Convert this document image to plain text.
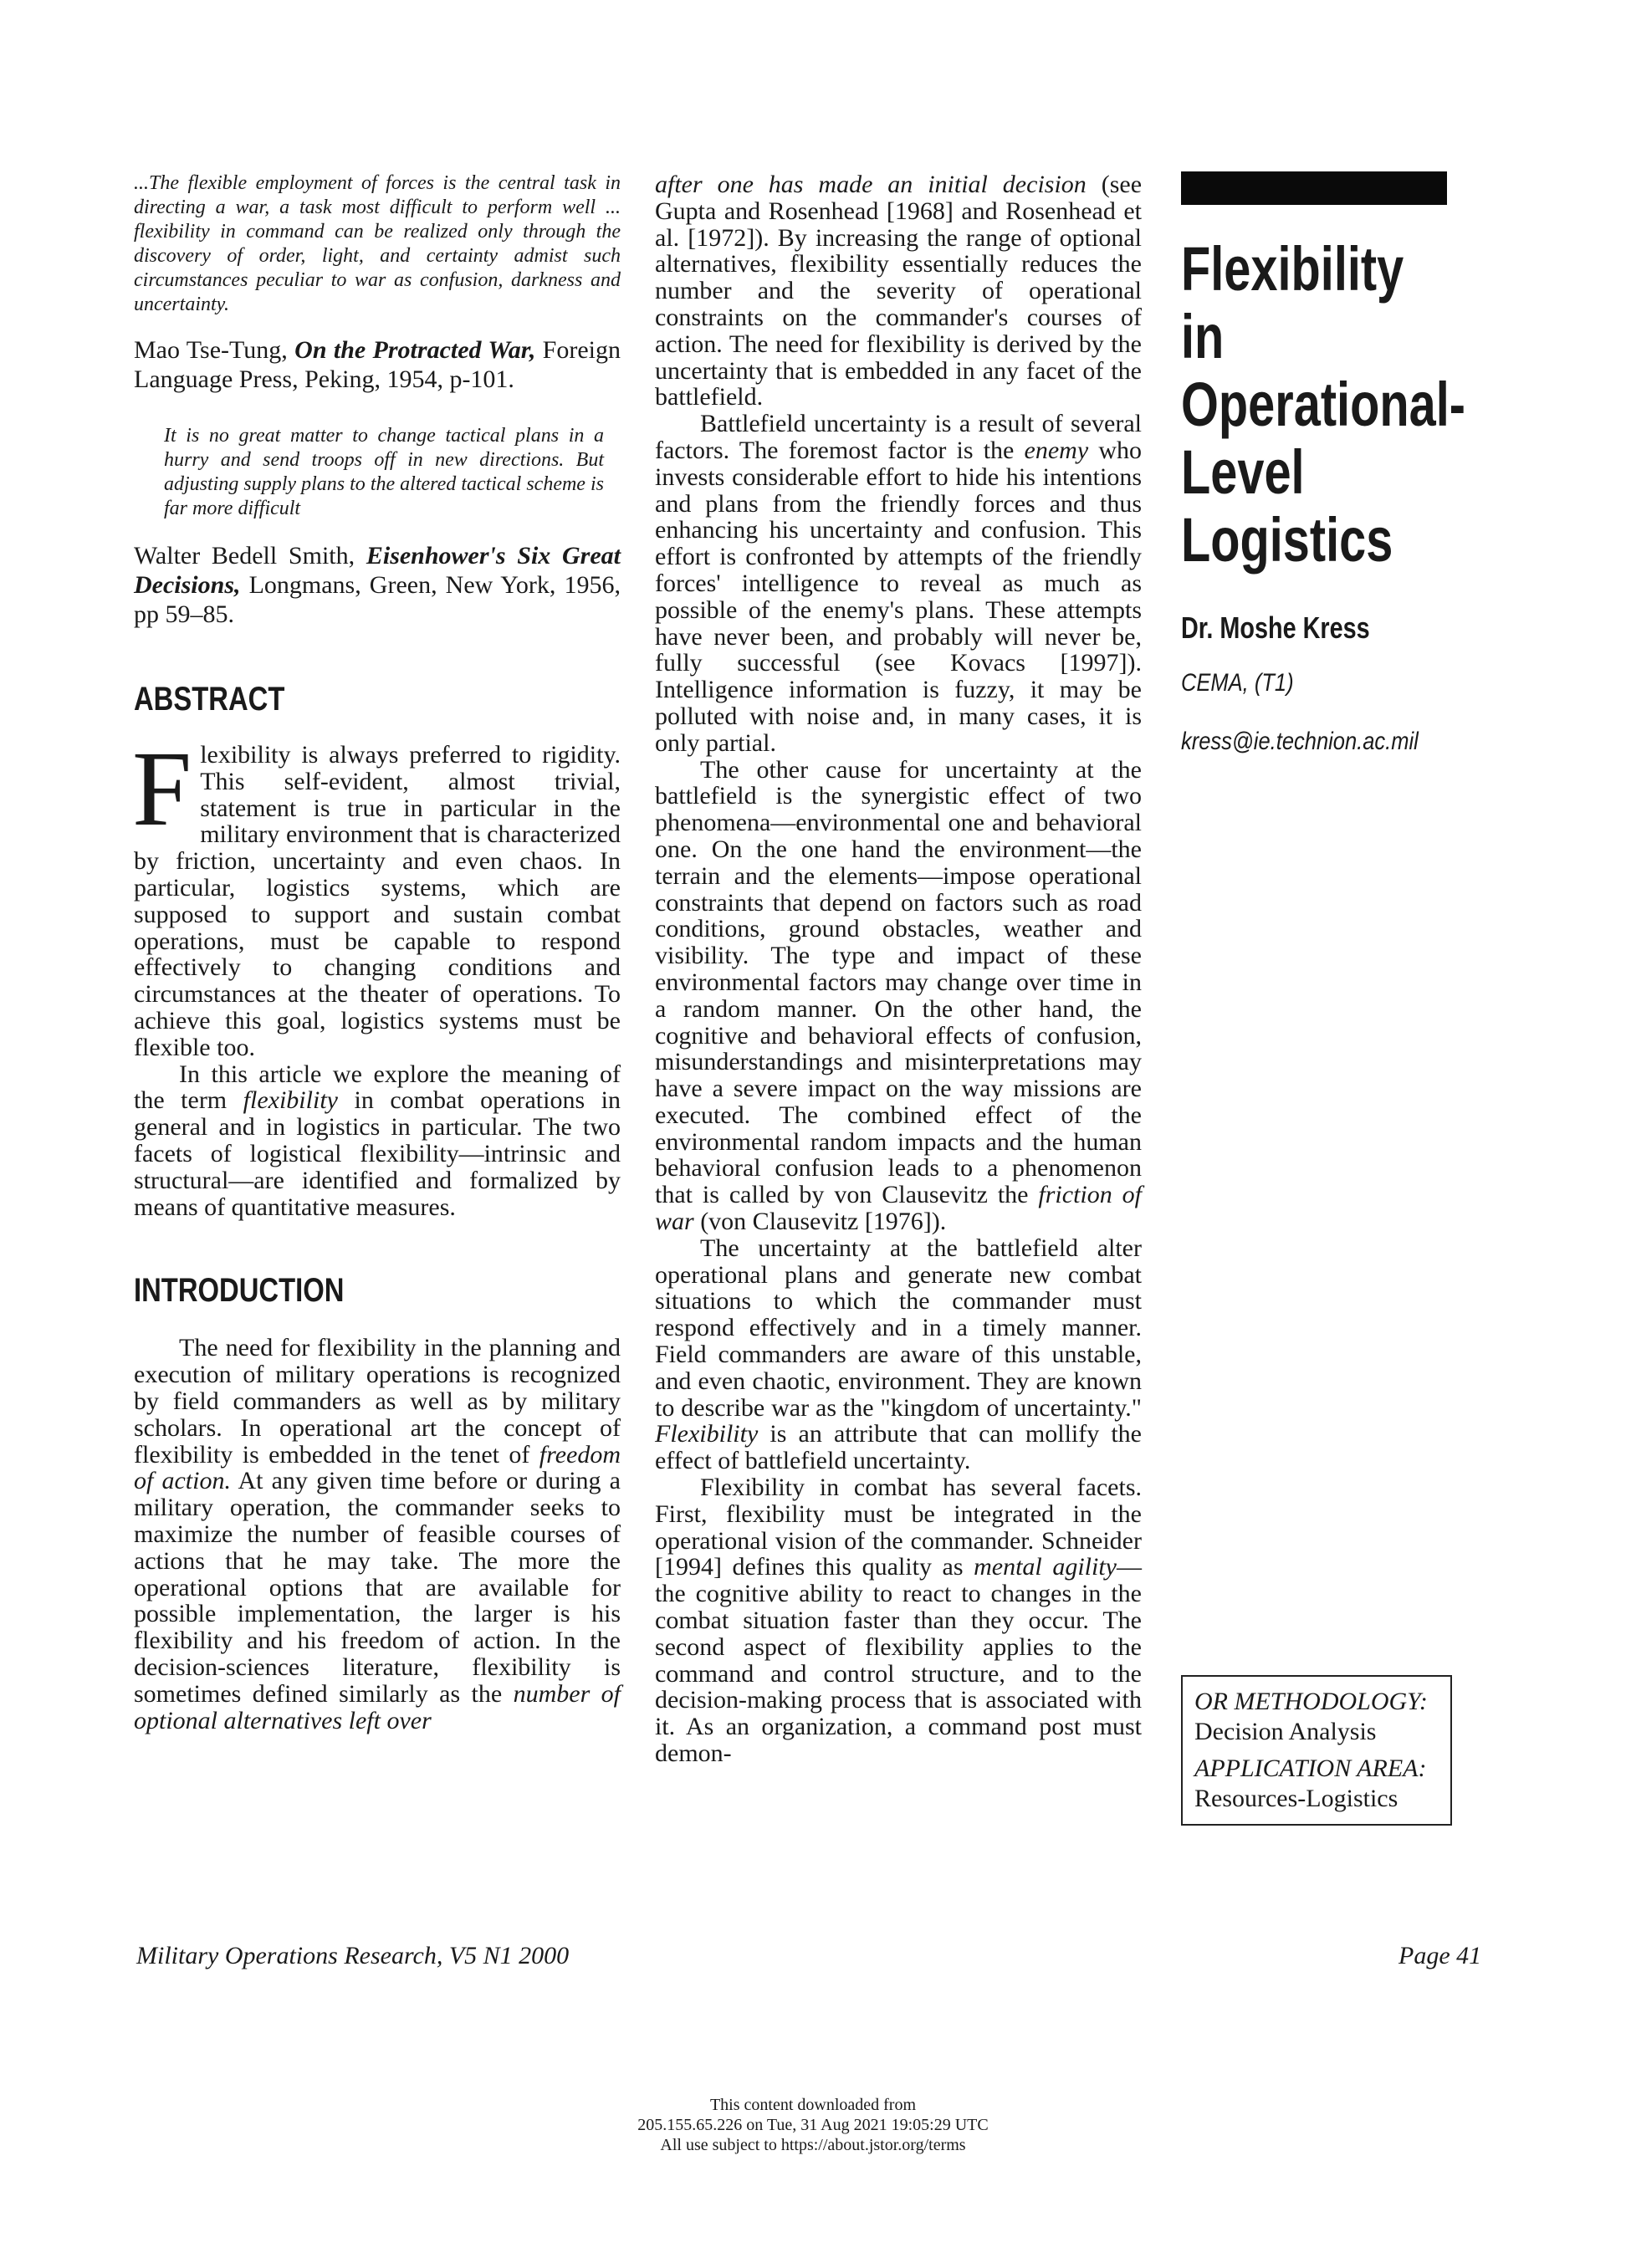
...The flexible employment of forces is the central task in directing a war, a task most difficult to perform well ... flexibility in command can be realized only through the discovery of order, light, and certainty admist such circumstances peculiar to war as confusion, darkness and uncertainty.

Mao Tse-Tung, On the Protracted War, Foreign Language Press, Peking, 1954, p-101.

It is no great matter to change tactical plans in a hurry and send troops off in new directions. But adjusting supply plans to the altered tactical scheme is far more difficult

Walter Bedell Smith, Eisenhower's Six Great Decisions, Longmans, Green, New York, 1956, pp 59–85.

ABSTRACT

Flexibility is always preferred to rigidity. This self-evident, almost trivial, statement is true in particular in the military environment that is characterized by friction, uncertainty and even chaos. In particular, logistics systems, which are supposed to support and sustain combat operations, must be capable to respond effectively to changing conditions and circumstances at the theater of operations. To achieve this goal, logistics systems must be flexible too.

In this article we explore the meaning of the term flexibility in combat operations in general and in logistics in particular. The two facets of logistical flexibility—intrinsic and structural—are identified and formalized by means of quantitative measures.

INTRODUCTION

The need for flexibility in the planning and execution of military operations is recognized by field commanders as well as by military scholars. In operational art the concept of flexibility is embedded in the tenet of freedom of action. At any given time before or during a military operation, the commander seeks to maximize the number of feasible courses of actions that he may take. The more the operational options that are available for possible implementation, the larger is his flexibility and his freedom of action. In the decision-sciences literature, flexibility is sometimes defined similarly as the number of optional alternatives left over

after one has made an initial decision (see Gupta and Rosenhead [1968] and Rosenhead et al. [1972]). By increasing the range of optional alternatives, flexibility essentially reduces the number and the severity of operational constraints on the commander's courses of action. The need for flexibility is derived by the uncertainty that is embedded in any facet of the battlefield.

Battlefield uncertainty is a result of several factors. The foremost factor is the enemy who invests considerable effort to hide his intentions and plans from the friendly forces and thus enhancing his uncertainty and confusion. This effort is confronted by attempts of the friendly forces' intelligence to reveal as much as possible of the enemy's plans. These attempts have never been, and probably will never be, fully successful (see Kovacs [1997]). Intelligence information is fuzzy, it may be polluted with noise and, in many cases, it is only partial.

The other cause for uncertainty at the battlefield is the synergistic effect of two phenomena—environmental one and behavioral one. On the one hand the environment—the terrain and the elements—impose operational constraints that depend on factors such as road conditions, ground obstacles, weather and visibility. The type and impact of these environmental factors may change over time in a random manner. On the other hand, the cognitive and behavioral effects of confusion, misunderstandings and misinterpretations may have a severe impact on the way missions are executed. The combined effect of the environmental random impacts and the human behavioral confusion leads to a phenomenon that is called by von Clausevitz the friction of war (von Clausevitz [1976]).

The uncertainty at the battlefield alter operational plans and generate new combat situations to which the commander must respond effectively and in a timely manner. Field commanders are aware of this unstable, and even chaotic, environment. They are known to describe war as the "kingdom of uncertainty." Flexibility is an attribute that can mollify the effect of battlefield uncertainty.

Flexibility in combat has several facets. First, flexibility must be integrated in the operational vision of the commander. Schneider [1994] defines this quality as mental agility—the cognitive ability to react to changes in the combat situation faster than they occur. The second aspect of flexibility applies to the command and control structure, and to the decision-making process that is associated with it. As an organization, a command post must demon-

Flexibility in
Operational-
Level
Logistics
Dr. Moshe Kress
CEMA, (T1)
kress@ie.technion.ac.mil
OR METHODOLOGY:
Decision Analysis
APPLICATION AREA:
Resources-Logistics
Military Operations Research, V5 N1 2000	Page 41
This content downloaded from
205.155.65.226 on Tue, 31 Aug 2021 19:05:29 UTC
All use subject to https://about.jstor.org/terms
